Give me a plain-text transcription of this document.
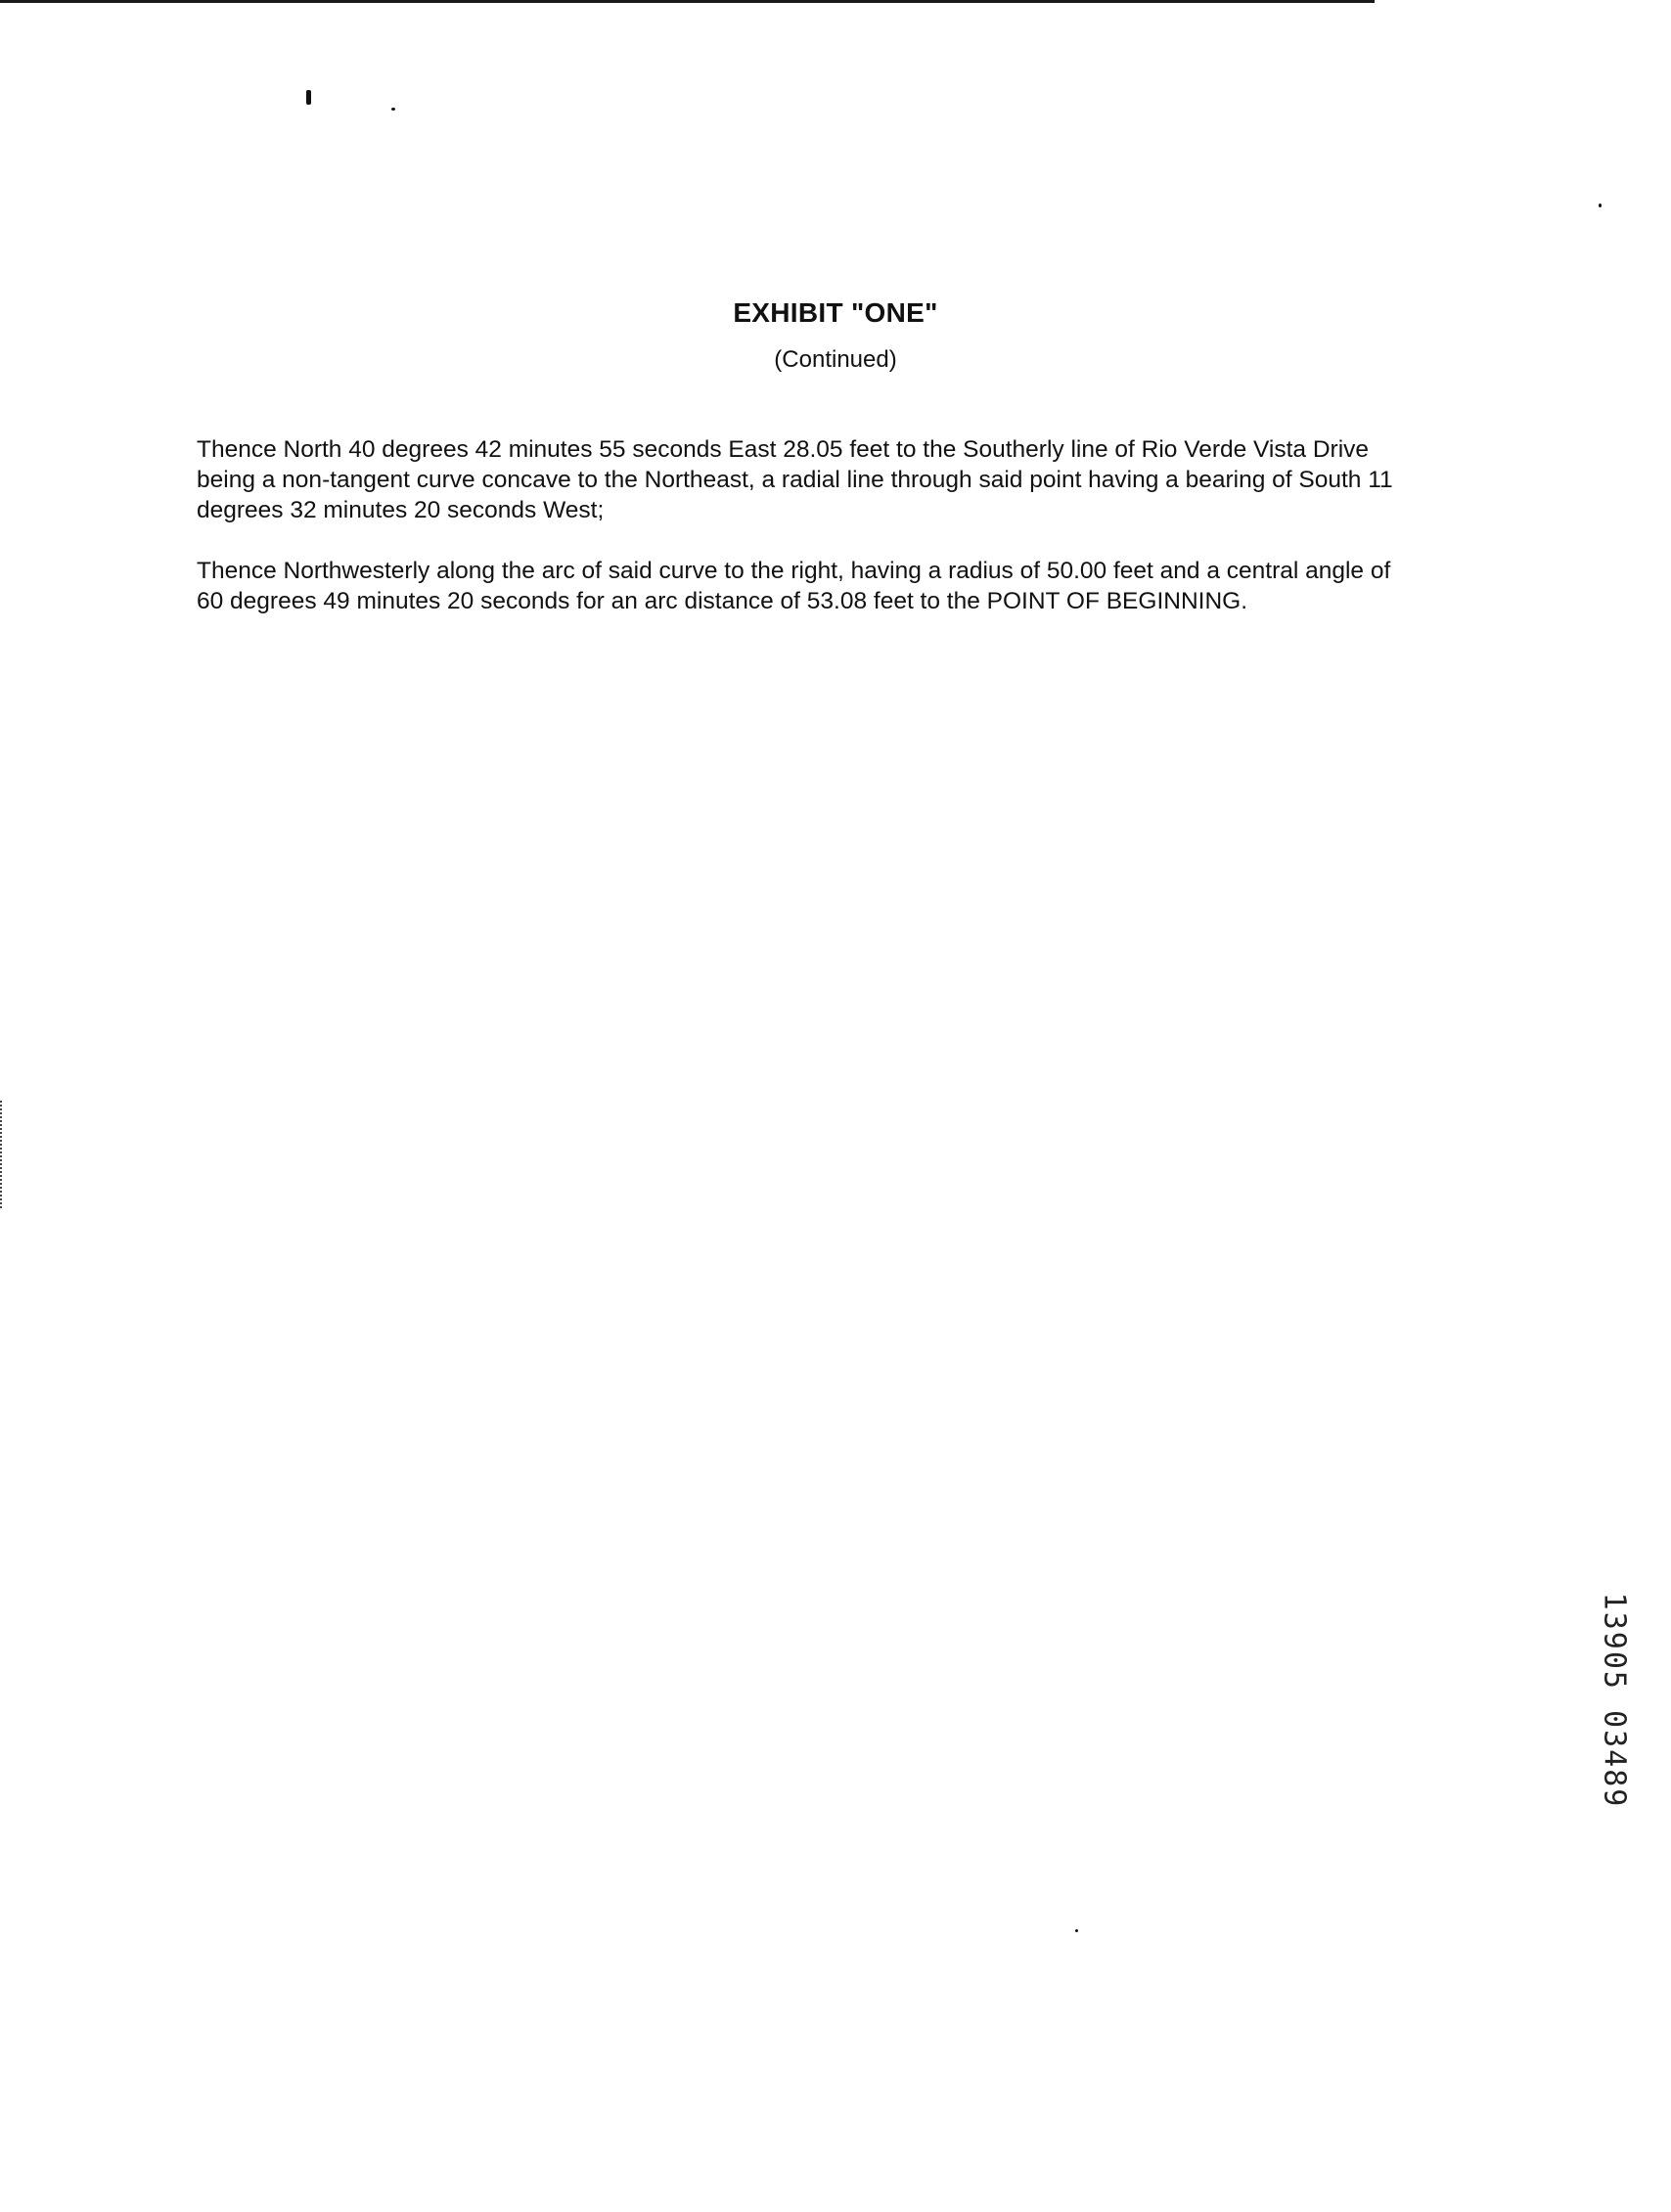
EXHIBIT "ONE"
(Continued)

Thence North 40 degrees 42 minutes 55 seconds East 28.05 feet to the Southerly line of Rio Verde Vista Drive
being a non-tangent curve concave to the Northeast, a radial line through said point having a bearing of South 11
degrees 32 minutes 20 seconds West;

Thence Northwesterly along the arc of said curve to the right, having a radius of 50.00 feet and a central angle of
60 degrees 49 minutes 20 seconds for an arc distance of 53.08 feet to the POINT OF BEGINNING.

13905 03489
